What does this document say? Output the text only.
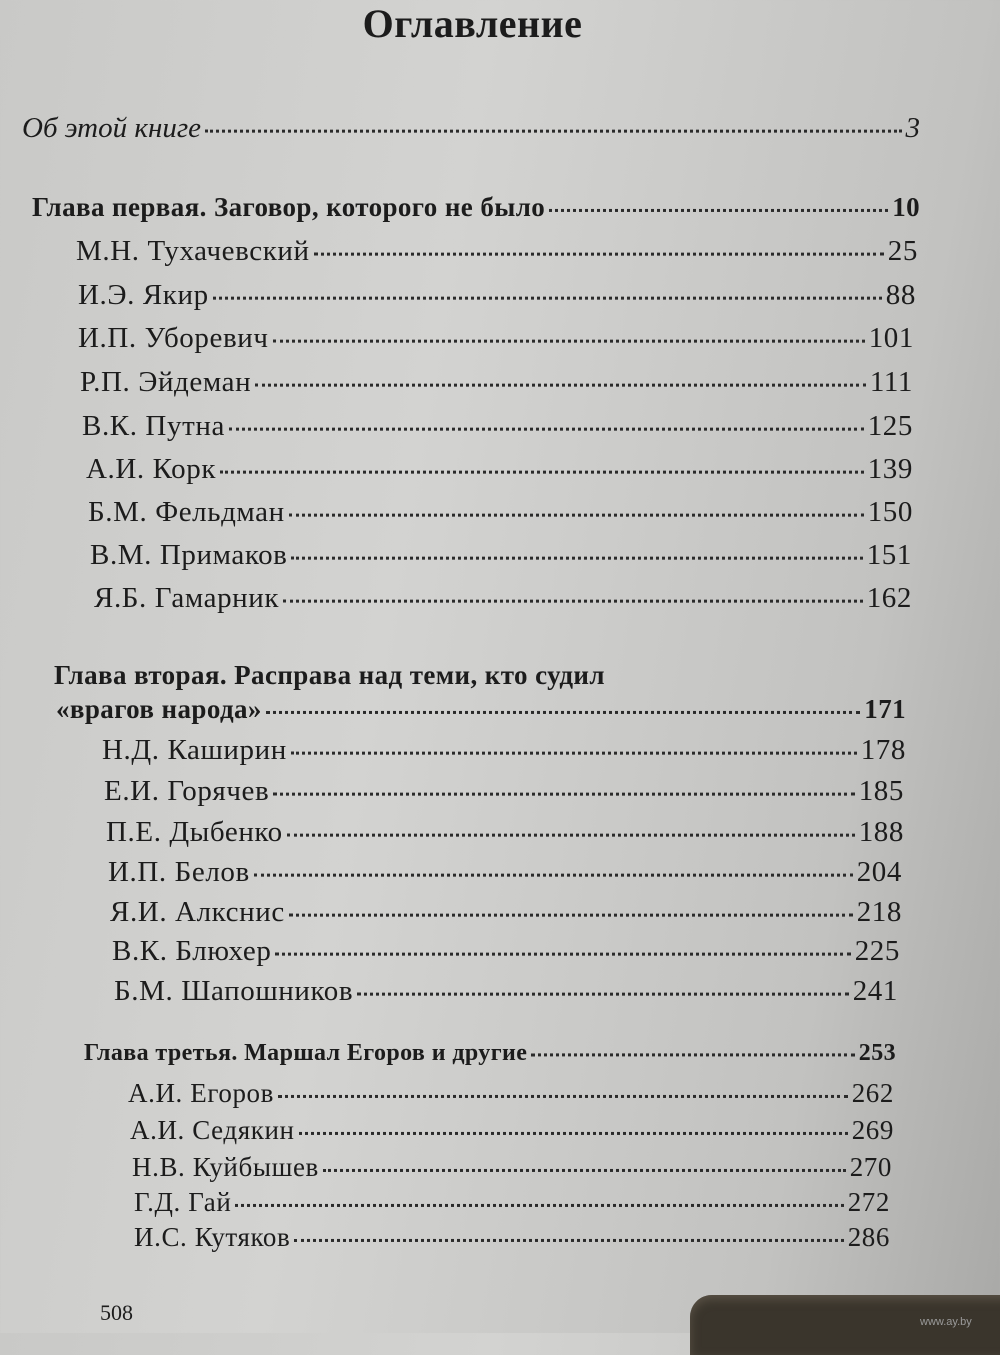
Оглавление
Об этой книге	3
Глава первая. Заговор, которого не было	10
М.Н. Тухачевский	25
И.Э. Якир	88
И.П. Уборевич	101
Р.П. Эйдеман	111
В.К. Путна	125
А.И. Корк	139
Б.М. Фельдман	150
В.М. Примаков	151
Я.Б. Гамарник	162
Глава вторая. Расправа над теми, кто судил
«врагов народа»	171
Н.Д. Каширин	178
Е.И. Горячев	185
П.Е. Дыбенко	188
И.П. Белов	204
Я.И. Алкснис	218
В.К. Блюхер	225
Б.М. Шапошников	241
Глава третья. Маршал Егоров и другие	253
А.И. Егоров	262
А.И. Седякин	269
Н.В. Куйбышев	270
Г.Д. Гай	272
И.С. Кутяков	286
508	www.ay.by
